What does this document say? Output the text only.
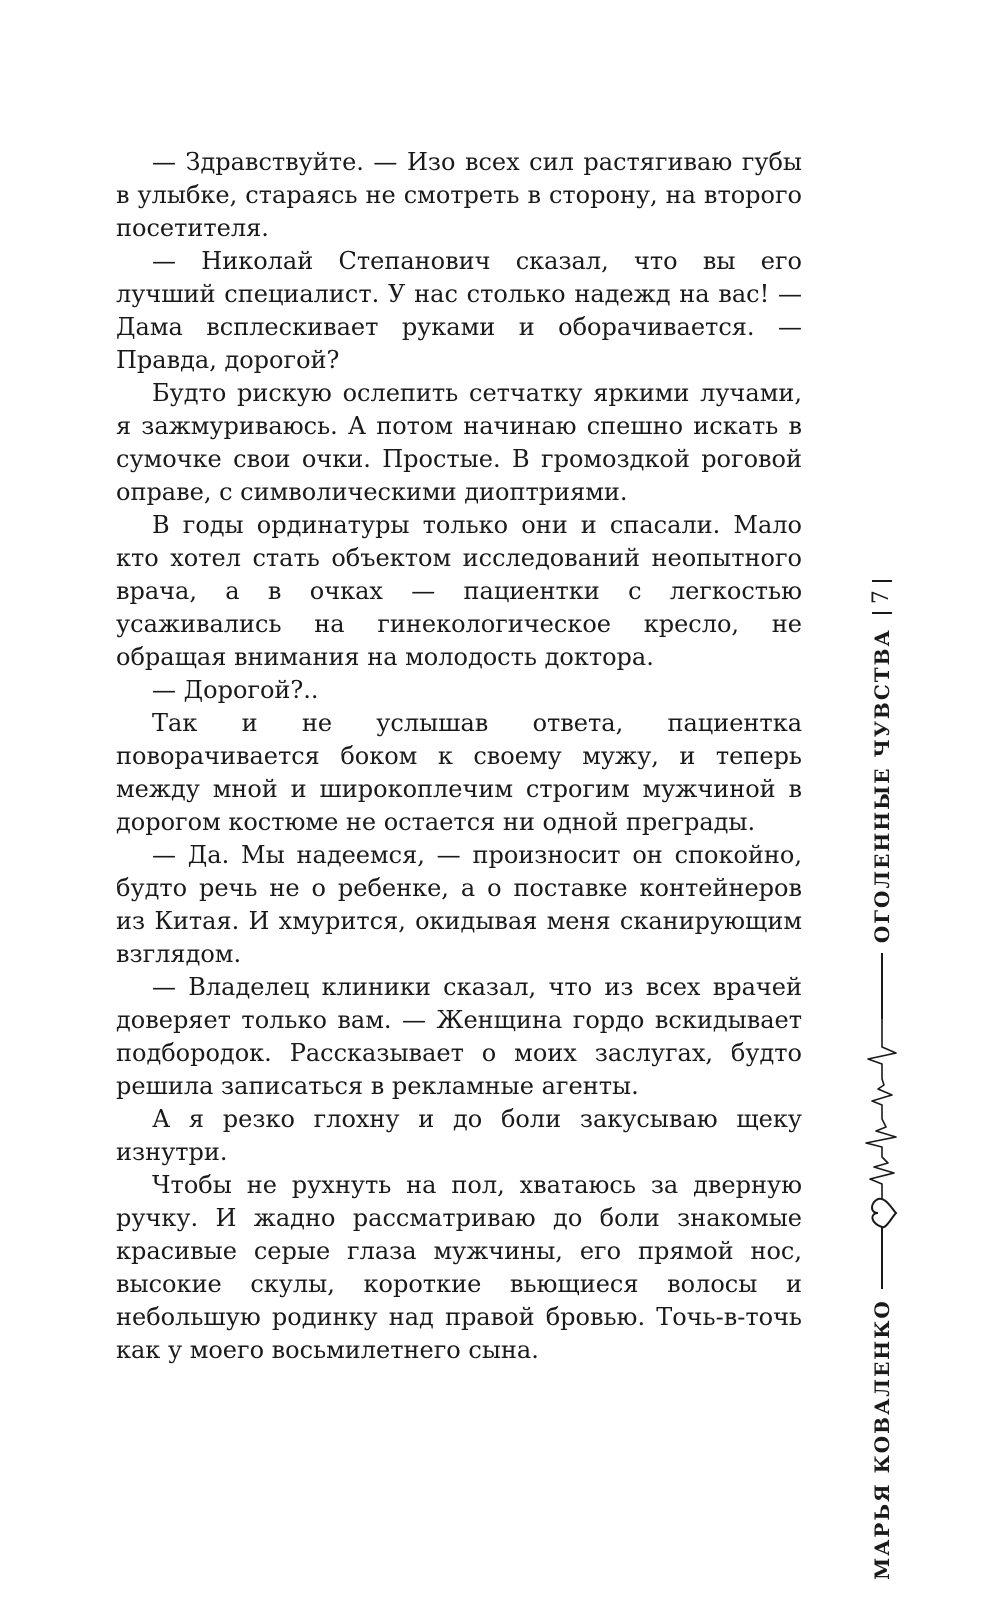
— Здравствуйте. — Изо всех сил растягиваю губы в улыбке, стараясь не смотреть в сторону, на второго посетителя.

— Николай Степанович сказал, что вы его лучший специалист. У нас столько надежд на вас! — Дама всплескивает руками и оборачивается. — Правда, дорогой?

Будто рискую ослепить сетчатку яркими лучами, я зажмуриваюсь. А потом начинаю спешно искать в сумочке свои очки. Простые. В громоздкой роговой оправе, с символическими диоптриями.

В годы ординатуры только они и спасали. Мало кто хотел стать объектом исследований неопытного врача, а в очках — пациентки с легкостью усаживались на гинекологическое кресло, не обращая внимания на молодость доктора.

— Дорогой?..

Так и не услышав ответа, пациентка поворачивается боком к своему мужу, и теперь между мной и широкоплечим строгим мужчиной в дорогом костюме не остается ни одной преграды.

— Да. Мы надеемся, — произносит он спокойно, будто речь не о ребенке, а о поставке контейнеров из Китая. И хмурится, окидывая меня сканирующим взглядом.

— Владелец клиники сказал, что из всех врачей доверяет только вам. — Женщина гордо вскидывает подбородок. Рассказывает о моих заслугах, будто решила записаться в рекламные агенты.

А я резко глохну и до боли закусываю щеку изнутри.

Чтобы не рухнуть на пол, хватаюсь за дверную ручку. И жадно рассматриваю до боли знакомые красивые серые глаза мужчины, его прямой нос, высокие скулы, короткие вьющиеся волосы и небольшую родинку над правой бровью. Точь-в-точь как у моего восьмилетнего сына.	МАРЬЯ КОВАЛЕНКО
ОГОЛЕННЫЕ ЧУВСТВА
7
